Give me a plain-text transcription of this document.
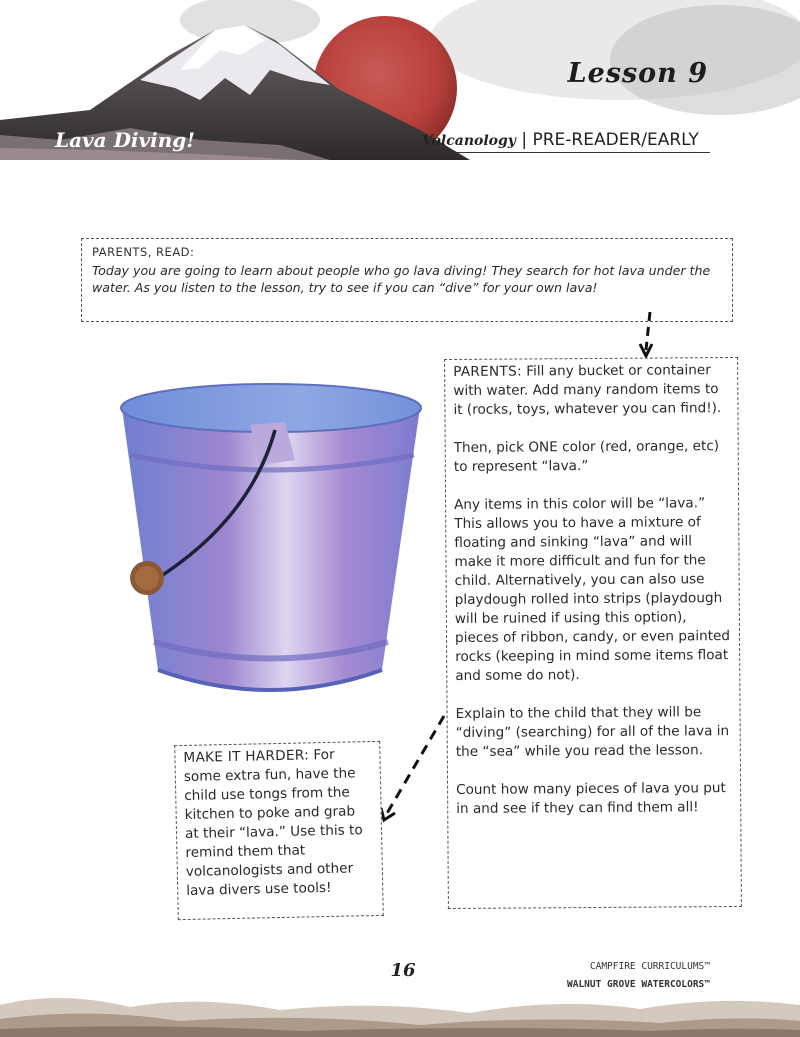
Lava Diving!
Lesson 9
Volcanology | PRE-READER/EARLY
PARENTS, READ:
Today you are going to learn about people who go lava diving! They search for hot lava under the water. As you listen to the lesson, try to see if you can “dive” for your own lava!

PARENTS: Fill any bucket or container with water. Add many random items to it (rocks, toys, whatever you can find!).

Then, pick ONE color (red, orange, etc) to represent “lava.”

Any items in this color will be “lava.” This allows you to have a mixture of floating and sinking “lava” and will make it more difficult and fun for the child. Alternatively, you can also use playdough rolled into strips (playdough will be ruined if using this option), pieces of ribbon, candy, or even painted rocks (keeping in mind some items float and some do not).

Explain to the child that they will be “diving” (searching) for all of the lava in the “sea” while you read the lesson.

Count how many pieces of lava you put in and see if they can find them all!

MAKE IT HARDER: For some extra fun, have the child use tongs from the kitchen to poke and grab at their “lava.” Use this to remind them that volcanologists and other lava divers use tools!

16	CAMPFIRE CURRICULUMS™
WALNUT GROVE WATERCOLORS™
